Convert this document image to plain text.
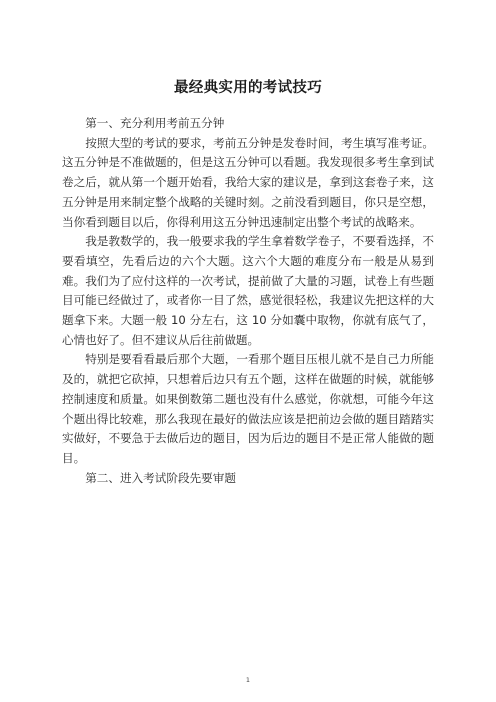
最经典实用的考试技巧

第一、充分利用考前五分钟

按照大型的考试的要求，考前五分钟是发卷时间，考生填写准考证。这五分钟是不准做题的，但是这五分钟可以看题。我发现很多考生拿到试卷之后，就从第一个题开始看，我给大家的建议是，拿到这套卷子来，这五分钟是用来制定整个战略的关键时刻。之前没看到题目，你只是空想，当你看到题目以后，你得利用这五分钟迅速制定出整个考试的战略来。

我是教数学的，我一般要求我的学生拿着数学卷子，不要看选择，不要看填空，先看后边的六个大题。这六个大题的难度分布一般是从易到难。我们为了应付这样的一次考试，提前做了大量的习题，试卷上有些题目可能已经做过了，或者你一目了然，感觉很轻松，我建议先把这样的大题拿下来。大题一般 10 分左右，这 10 分如囊中取物，你就有底气了，心情也好了。但不建议从后往前做题。

特别是要看看最后那个大题，一看那个题目压根儿就不是自己力所能及的，就把它砍掉，只想着后边只有五个题，这样在做题的时候，就能够控制速度和质量。如果倒数第二题也没有什么感觉，你就想，可能今年这个题出得比较难，那么我现在最好的做法应该是把前边会做的题目踏踏实实做好，不要急于去做后边的题目，因为后边的题目不是正常人能做的题目。

第二、进入考试阶段先要审题

1
